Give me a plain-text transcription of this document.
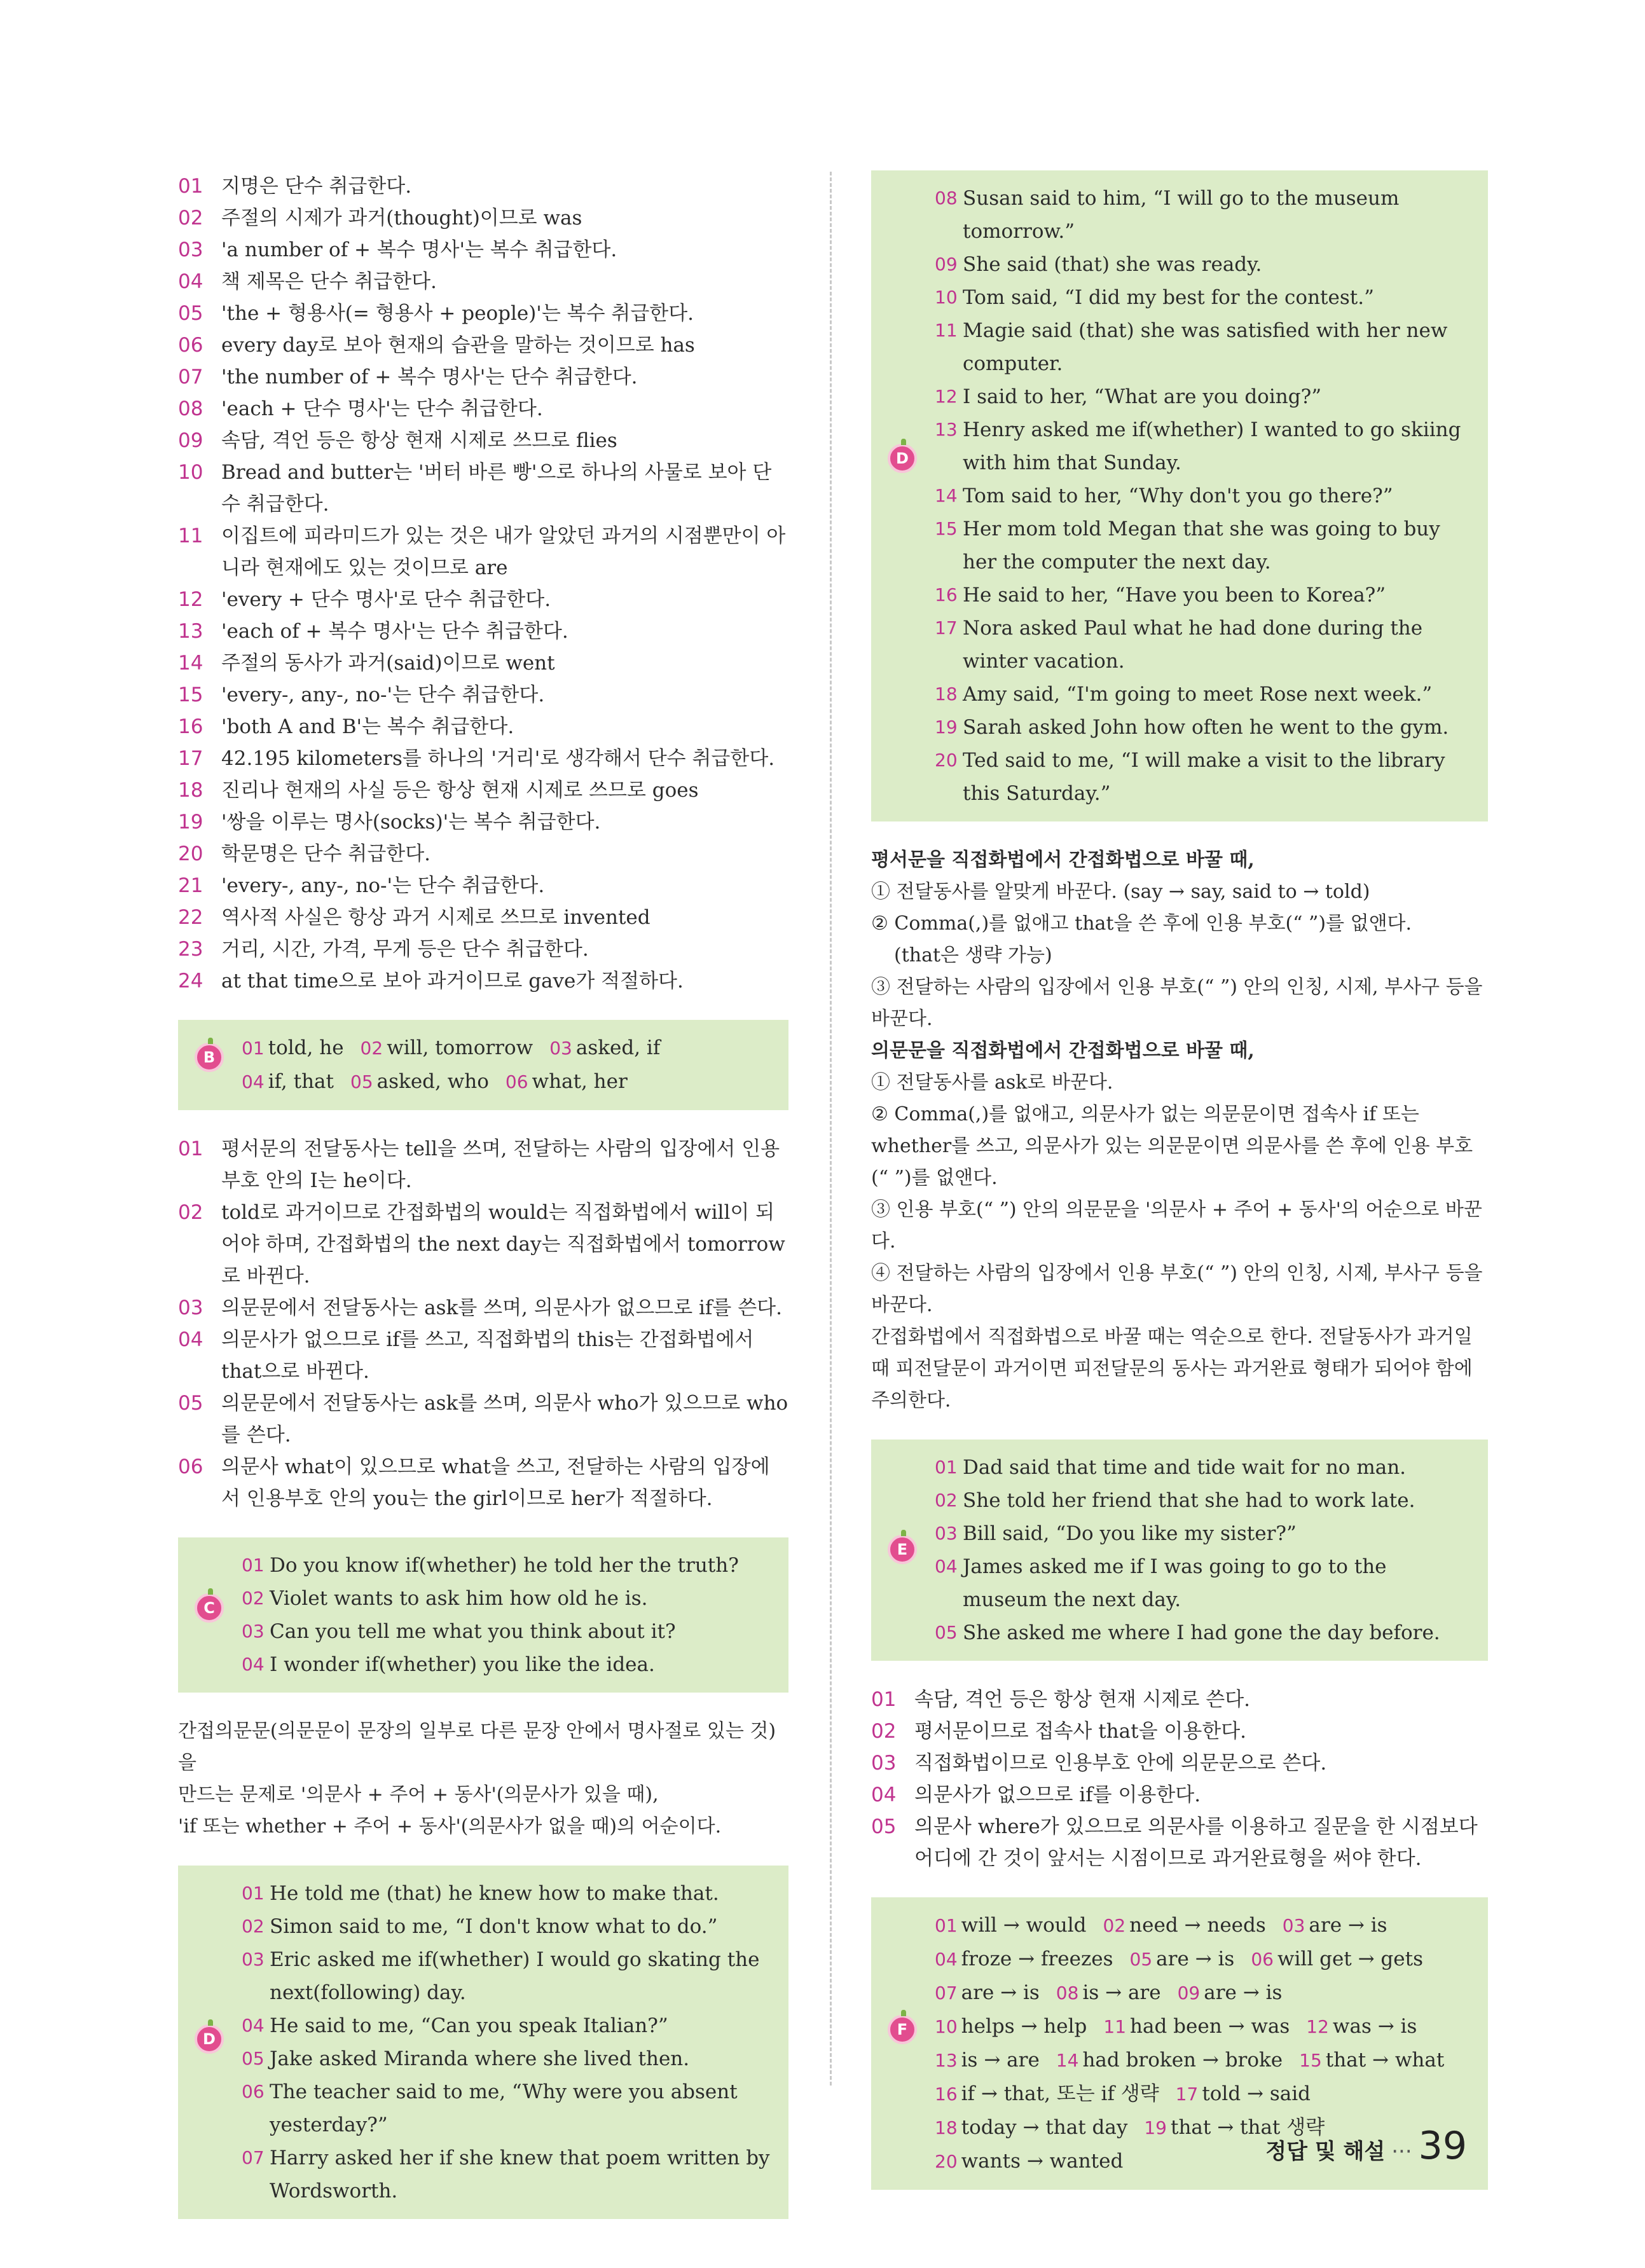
01 지명은 단수 취급한다.
02 주절의 시제가 과거(thought)이므로 was
03 'a number of + 복수 명사'는 복수 취급한다.
04 책 제목은 단수 취급한다.
05 'the + 형용사(= 형용사 + people)'는 복수 취급한다.
06 every day로 보아 현재의 습관을 말하는 것이므로 has
07 'the number of + 복수 명사'는 단수 취급한다.
08 'each + 단수 명사'는 단수 취급한다.
09 속담, 격언 등은 항상 현재 시제로 쓰므로 flies
10 Bread and butter는 '버터 바른 빵'으로 하나의 사물로 보아 단수 취급한다.
11 이집트에 피라미드가 있는 것은 내가 알았던 과거의 시점뿐만이 아니라 현재에도 있는 것이므로 are
12 'every + 단수 명사'로 단수 취급한다.
13 'each of + 복수 명사'는 단수 취급한다.
14 주절의 동사가 과거(said)이므로 went
15 'every-, any-, no-'는 단수 취급한다.
16 'both A and B'는 복수 취급한다.
17 42.195 kilometers를 하나의 '거리'로 생각해서 단수 취급한다.
18 진리나 현재의 사실 등은 항상 현재 시제로 쓰므로 goes
19 '쌍을 이루는 명사(socks)'는 복수 취급한다.
20 학문명은 단수 취급한다.
21 'every-, any-, no-'는 단수 취급한다.
22 역사적 사실은 항상 과거 시제로 쓰므로 invented
23 거리, 시간, 가격, 무게 등은 단수 취급한다.
24 at that time으로 보아 과거이므로 gave가 적절하다.
B	01 told, he 02 will, tomorrow 03 asked, if
04 if, that 05 asked, who 06 what, her
01 평서문의 전달동사는 tell을 쓰며, 전달하는 사람의 입장에서 인용부호 안의 I는 he이다.
02 told로 과거이므로 간접화법의 would는 직접화법에서 will이 되어야 하며, 간접화법의 the next day는 직접화법에서 tomorrow로 바뀐다.
03 의문문에서 전달동사는 ask를 쓰며, 의문사가 없으므로 if를 쓴다.
04 의문사가 없으므로 if를 쓰고, 직접화법의 this는 간접화법에서 that으로 바뀐다.
05 의문문에서 전달동사는 ask를 쓰며, 의문사 who가 있으므로 who를 쓴다.
06 의문사 what이 있으므로 what을 쓰고, 전달하는 사람의 입장에서 인용부호 안의 you는 the girl이므로 her가 적절하다.
C
01 Do you know if(whether) he told her the truth?
02 Violet wants to ask him how old he is.
03 Can you tell me what you think about it?
04 I wonder if(whether) you like the idea.
간접의문문(의문문이 문장의 일부로 다른 문장 안에서 명사절로 있는 것)을
만드는 문제로 '의문사 + 주어 + 동사'(의문사가 있을 때),
'if 또는 whether + 주어 + 동사'(의문사가 없을 때)의 어순이다.
D
01 He told me (that) he knew how to make that.
02 Simon said to me, “I don't know what to do.”
03 Eric asked me if(whether) I would go skating the next(following) day.
04 He said to me, “Can you speak Italian?”
05 Jake asked Miranda where she lived then.
06 The teacher said to me, “Why were you absent yesterday?”
07 Harry asked her if she knew that poem written by Wordsworth.
D
08 Susan said to him, “I will go to the museum tomorrow.”
09 She said (that) she was ready.
10 Tom said, “I did my best for the contest.”
11 Magie said (that) she was satisfied with her new computer.
12 I said to her, “What are you doing?”
13 Henry asked me if(whether) I wanted to go skiing with him that Sunday.
14 Tom said to her, “Why don't you go there?”
15 Her mom told Megan that she was going to buy her the computer the next day.
16 He said to her, “Have you been to Korea?”
17 Nora asked Paul what he had done during the winter vacation.
18 Amy said, “I'm going to meet Rose next week.”
19 Sarah asked John how often he went to the gym.
20 Ted said to me, “I will make a visit to the library this Saturday.”
평서문을 직접화법에서 간접화법으로 바꿀 때,
① 전달동사를 알맞게 바꾼다. (say → say, said to → told)
② Comma(,)를 없애고 that을 쓴 후에 인용 부호(“ ”)를 없앤다.
(that은 생략 가능)
③ 전달하는 사람의 입장에서 인용 부호(“ ”) 안의 인칭, 시제, 부사구 등을 바꾼다.
의문문을 직접화법에서 간접화법으로 바꿀 때,
① 전달동사를 ask로 바꾼다.
② Comma(,)를 없애고, 의문사가 없는 의문문이면 접속사 if 또는 whether를 쓰고, 의문사가 있는 의문문이면 의문사를 쓴 후에 인용 부호(“ ”)를 없앤다.
③ 인용 부호(“ ”) 안의 의문문을 '의문사 + 주어 + 동사'의 어순으로 바꾼다.
④ 전달하는 사람의 입장에서 인용 부호(“ ”) 안의 인칭, 시제, 부사구 등을 바꾼다.
간접화법에서 직접화법으로 바꿀 때는 역순으로 한다. 전달동사가 과거일 때 피전달문이 과거이면 피전달문의 동사는 과거완료 형태가 되어야 함에 주의한다.
E
01 Dad said that time and tide wait for no man.
02 She told her friend that she had to work late.
03 Bill said, “Do you like my sister?”
04 James asked me if I was going to go to the museum the next day.
05 She asked me where I had gone the day before.
01 속담, 격언 등은 항상 현재 시제로 쓴다.
02 평서문이므로 접속사 that을 이용한다.
03 직접화법이므로 인용부호 안에 의문문으로 쓴다.
04 의문사가 없으므로 if를 이용한다.
05 의문사 where가 있으므로 의문사를 이용하고 질문을 한 시점보다 어디에 간 것이 앞서는 시점이므로 과거완료형을 써야 한다.
F
01 will → would 02 need → needs 03 are → is
04 froze → freezes 05 are → is 06 will get → gets
07 are → is 08 is → are 09 are → is
10 helps → help 11 had been → was 12 was → is
13 is → are 14 had broken → broke 15 that → what
16 if → that, 또는 if 생략 17 told → said
18 today → that day 19 that → that 생략
20 wants → wanted	정답 및 해설 ··· 39
